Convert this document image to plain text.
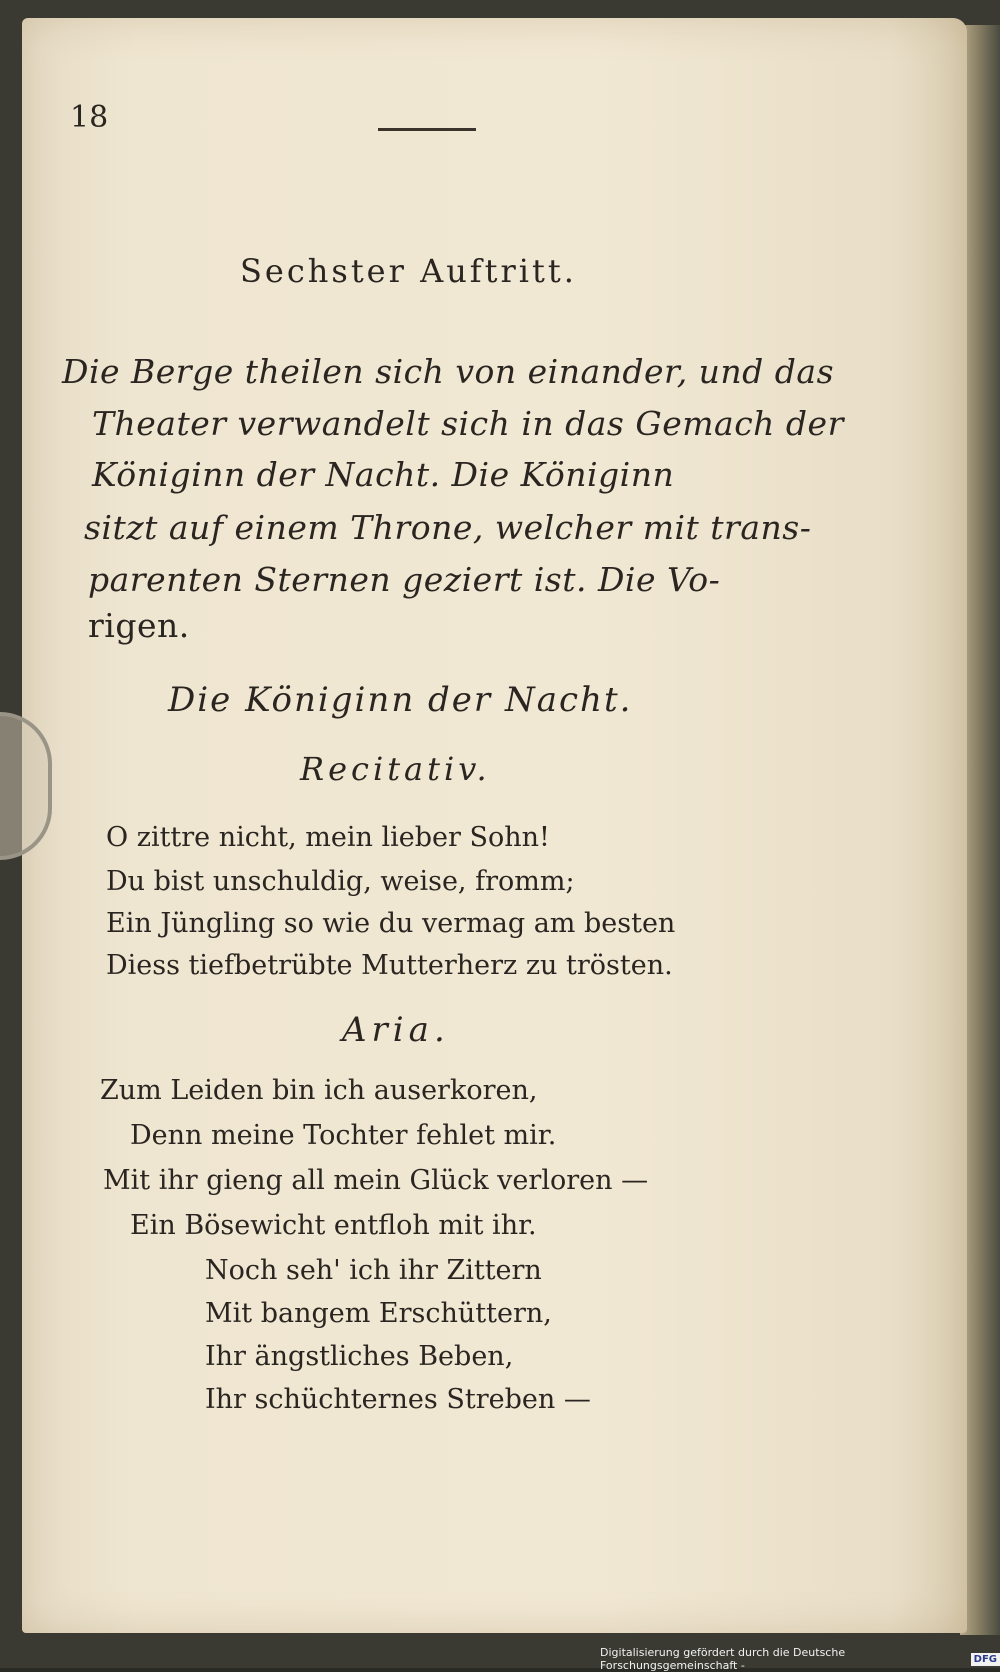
18
Sechster Auftritt.
Die Berge theilen sich von einander, und das
Theater verwandelt sich in das Gemach der
Königinn der Nacht. Die Königinn
sitzt auf einem Throne, welcher mit trans-
parenten Sternen geziert ist. Die Vo-
rigen.
Die Königinn der Nacht.
Recitativ.
O zittre nicht, mein lieber Sohn!
Du bist unschuldig, weise, fromm;
Ein Jüngling so wie du vermag am besten
Diess tiefbetrübte Mutterherz zu trösten.
Aria.
Zum Leiden bin ich auserkoren,
Denn meine Tochter fehlet mir.
Mit ihr gieng all mein Glück verloren —
Ein Bösewicht entfloh mit ihr.
Noch seh' ich ihr Zittern
Mit bangem Erschüttern,
Ihr ängstliches Beben,
Ihr schüchternes Streben —
Digitalisierung gefördert durch die Deutsche Forschungsgemeinschaft -	DFG
